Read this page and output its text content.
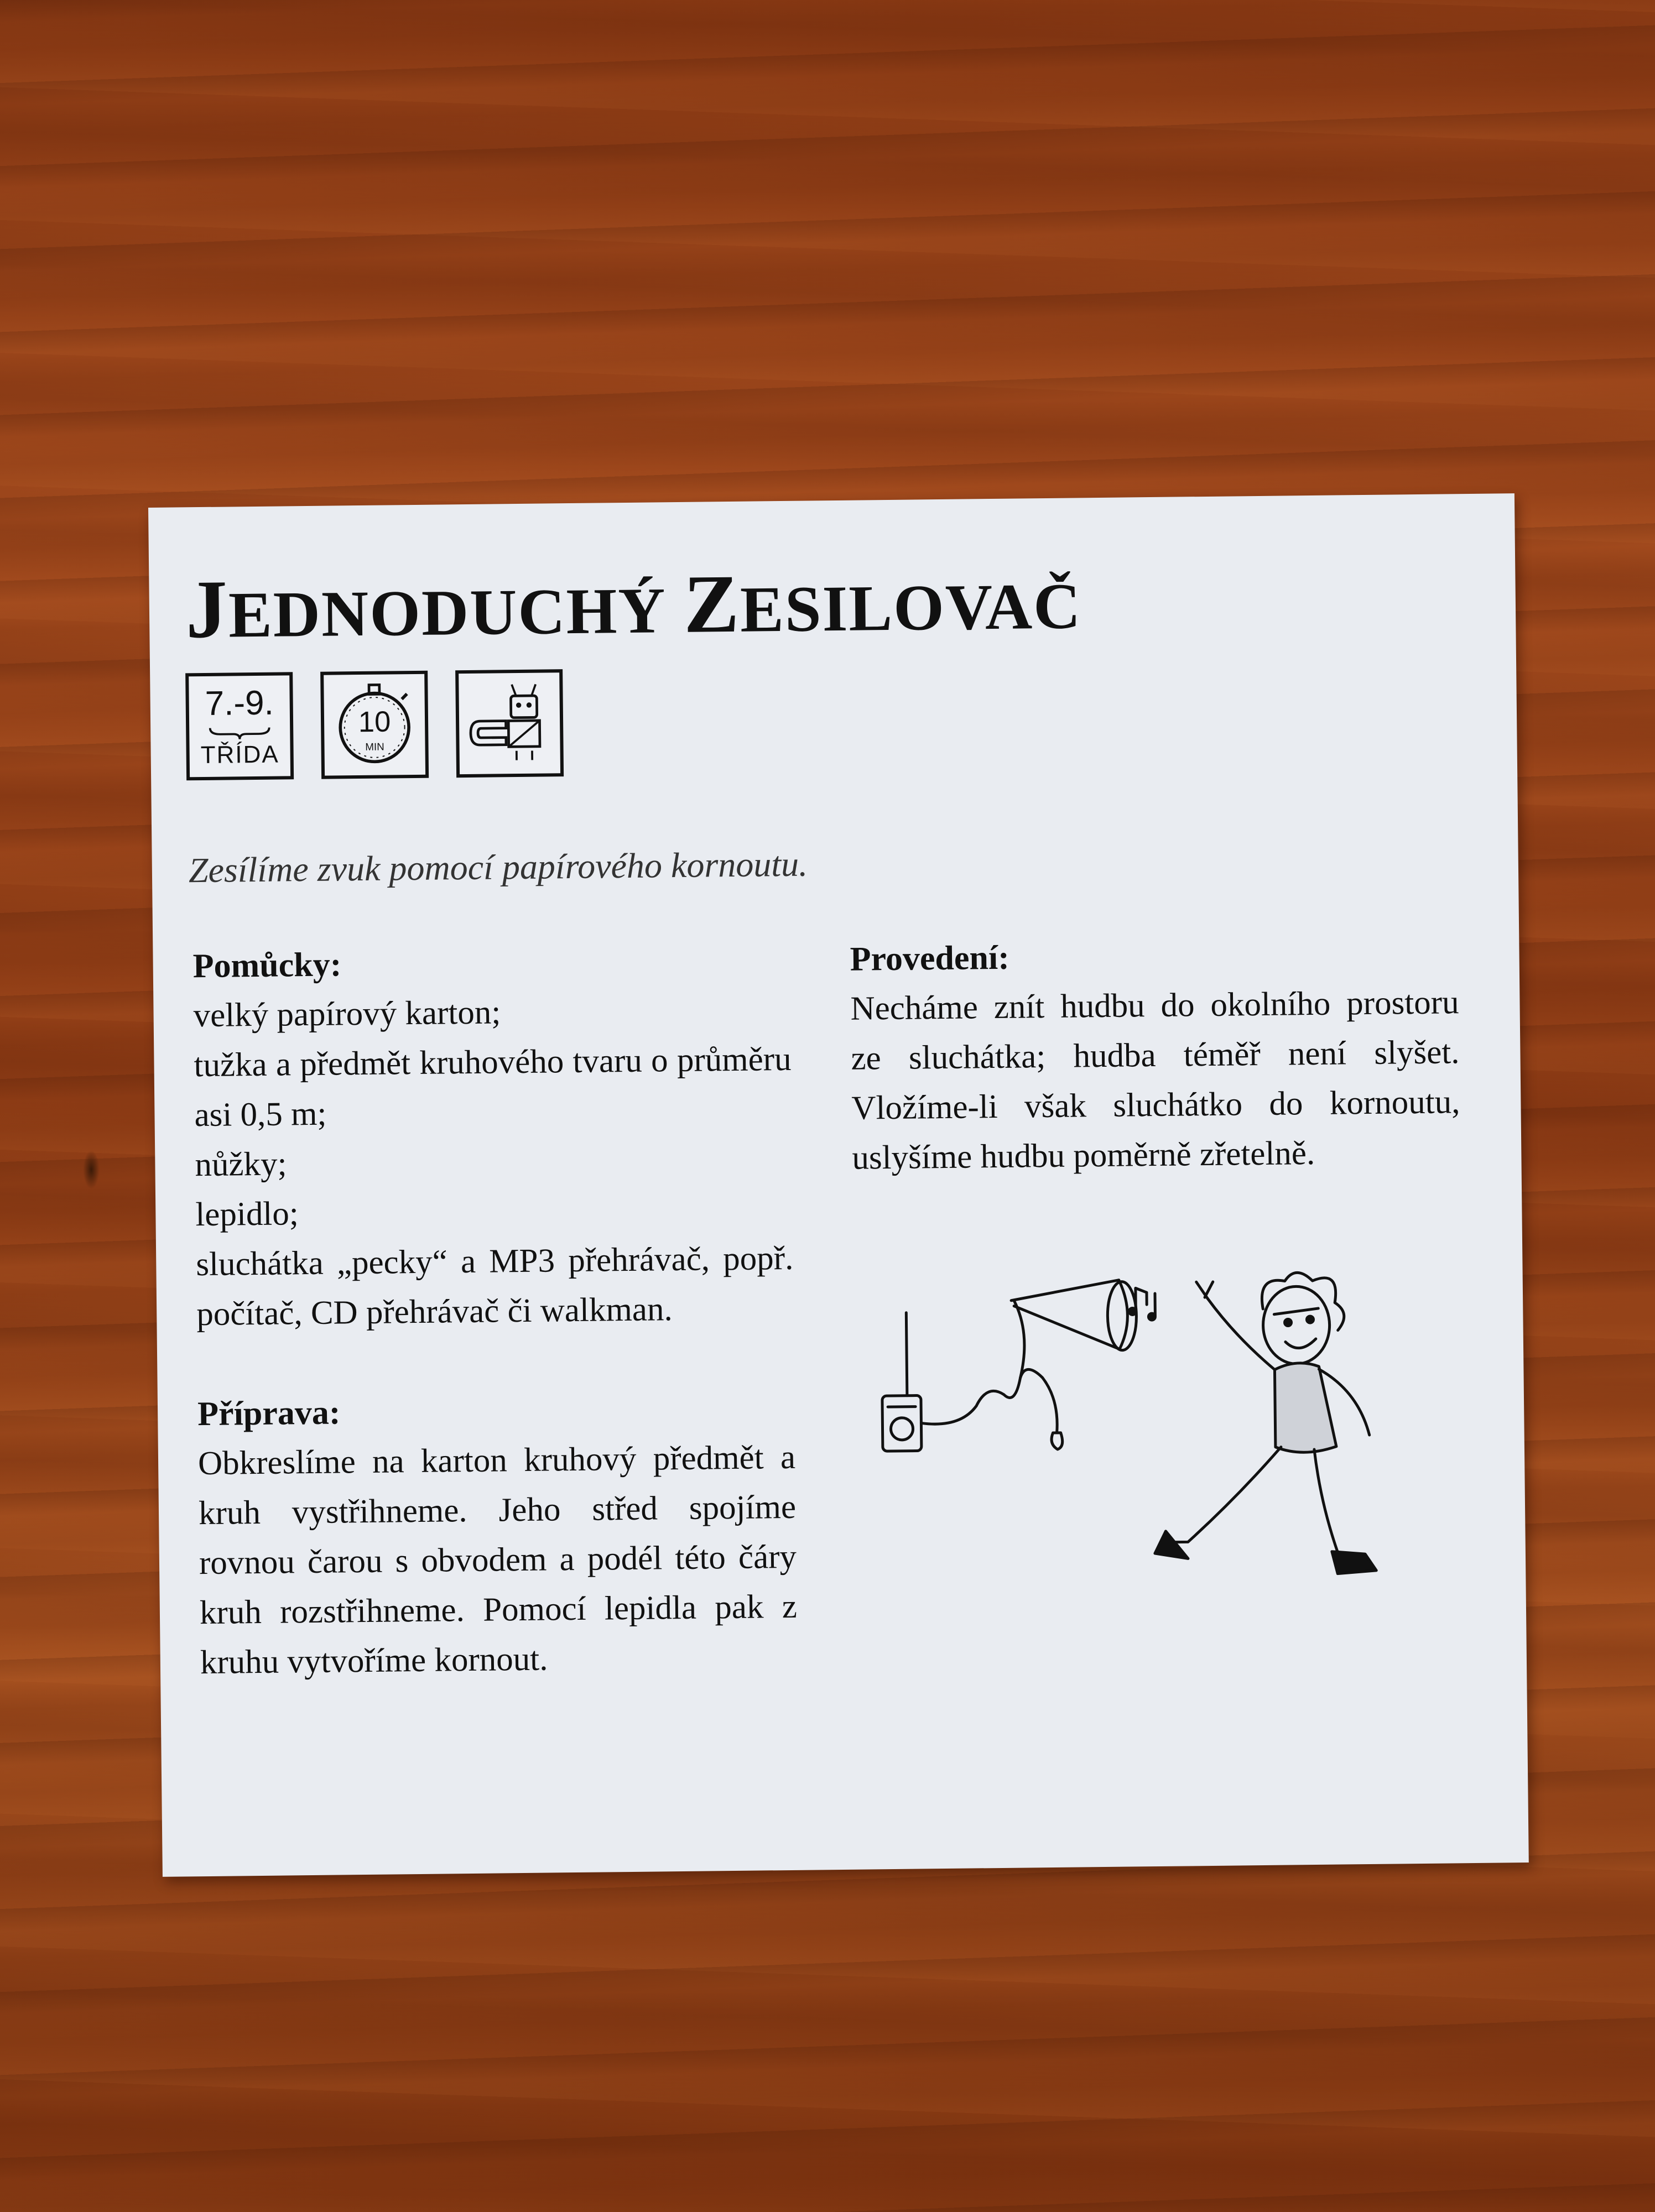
JEDNODUCHÝ ZESILOVAČ
7.-9.
TŘÍDA
10
MIN

Zesílíme zvuk pomocí papírového kornoutu.

Pomůcky:

velký papírový karton;

tužka a předmět kruhového tvaru o průměru asi 0,5 m;

nůžky;

lepidlo;

sluchátka „pecky“ a MP3 přehrávač, popř. počítač, CD přehrávač či walkman.

Příprava:

Obkreslíme na karton kruhový předmět a kruh vystřihneme. Jeho střed spojíme rovnou čarou s obvodem a podél této čáry kruh rozstřihneme. Pomocí lepidla pak z kruhu vytvoříme kornout.

Provedení:

Necháme znít hudbu do okolního prostoru ze sluchátka; hudba téměř není slyšet. Vložíme-li však sluchátko do kornoutu, uslyšíme hudbu poměrně zřetelně.
